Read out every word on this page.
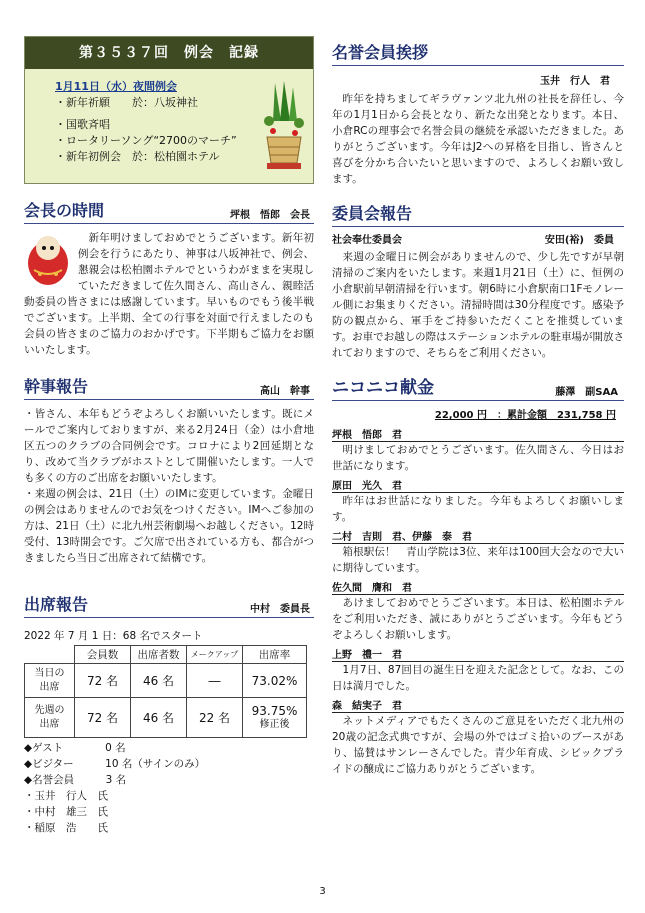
第３５３７回　例会　記録
1月11日（水）夜間例会
・新年祈願　　於：八坂神社
・国歌斉唱
・ロータリーソング“2700のマーチ”
・新年初例会　於：松柏園ホテル
会長の時間	坪根　悟郎　会長

新年明けましておめでとうございます。新年初例会を行うにあたり、神事は八坂神社で、例会、懇親会は松柏園ホテルでというわがままを実現していただきまして佐久間さん、高山さん、親睦活動委員の皆さまには感謝しています。早いものでもう後半戦でございます。上半期、全ての行事を対面で行えましたのも会員の皆さまのご協力のおかげです。下半期もご協力をお願いいたします。

幹事報告	高山　幹事

・皆さん、本年もどうぞよろしくお願いいたします。既にメールでご案内しておりますが、来る2月24日（金）は小倉地区五つのクラブの合同例会です。コロナにより2回延期となり、改めて当クラブがホストとして開催いたします。一人でも多くの方のご出席をお願いいたします。

・来週の例会は、21日（土）のIMに変更しています。金曜日の例会はありませんのでお気をつけください。IMへご参加の方は、21日（土）に北九州芸術劇場へお越しください。12時受付、13時開会です。ご欠席で出されている方も、都合がつきましたら当日ご出席されて結構です。

出席報告	中村　委員長
2022 年 7 月 1 日：68 名でスタート
	会員数	出席者数	メークアップ	出席率
当日の出席	72 名	46 名	―	73.02%
先週の出席	72 名	46 名	22 名	93.75%
修正後
◆ゲスト　　　　0 名
◆ビジター　　　10 名（サインのみ）
◆名誉会員　　　3 名
・玉井　行人　氏
・中村　雄三　氏
・稲原　浩　　氏
名誉会員挨拶
玉井　行人　君

昨年を持ちましてギラヴァンツ北九州の社長を辞任し、今年の1月1日から会長となり、新たな出発となります。本日、小倉RCの理事会で名誉会員の継続を承認いただきました。ありがとうございます。今年はJ2への昇格を目指し、皆さんと喜びを分かち合いたいと思いますので、よろしくお願い致します。

委員会報告
社会奉仕委員会	安田(裕)　委員

来週の金曜日に例会がありませんので、少し先ですが早朝清掃のご案内をいたします。来週1月21日（土）に、恒例の小倉駅前早朝清掃を行います。朝6時に小倉駅南口1Fモノレール側にお集まりください。清掃時間は30分程度です。感染予防の観点から、軍手をご持参いただくことを推奨しています。お車でお越しの際はステーションホテルの駐車場が開放されておりますので、そちらをご利用ください。

ニコニコ献金	藤澤　副SAA
22,000 円　：累計金額　231,758 円
坪根　悟郎　君

明けましておめでとうございます。佐久間さん、今日はお世話になります。

原田　光久　君

昨年はお世話になりました。今年もよろしくお願いします。

二村　吉則　君、伊藤　泰　君

箱根駅伝！　青山学院は3位、来年は100回大会なので大いに期待しています。

佐久間　膺和　君

あけましておめでとうございます。本日は、松柏園ホテルをご利用いただき、誠にありがとうございます。今年もどうぞよろしくお願いします。

上野　禮一　君

1月7日、87回目の誕生日を迎えた記念として。なお、この日は満月でした。

森　結実子　君

ネットメディアでもたくさんのご意見をいただく北九州の20歳の記念式典ですが、会場の外ではゴミ拾いのブースがあり、協賛はサンレーさんでした。青少年育成、シビックプライドの醸成にご協力ありがとうございます。

3
